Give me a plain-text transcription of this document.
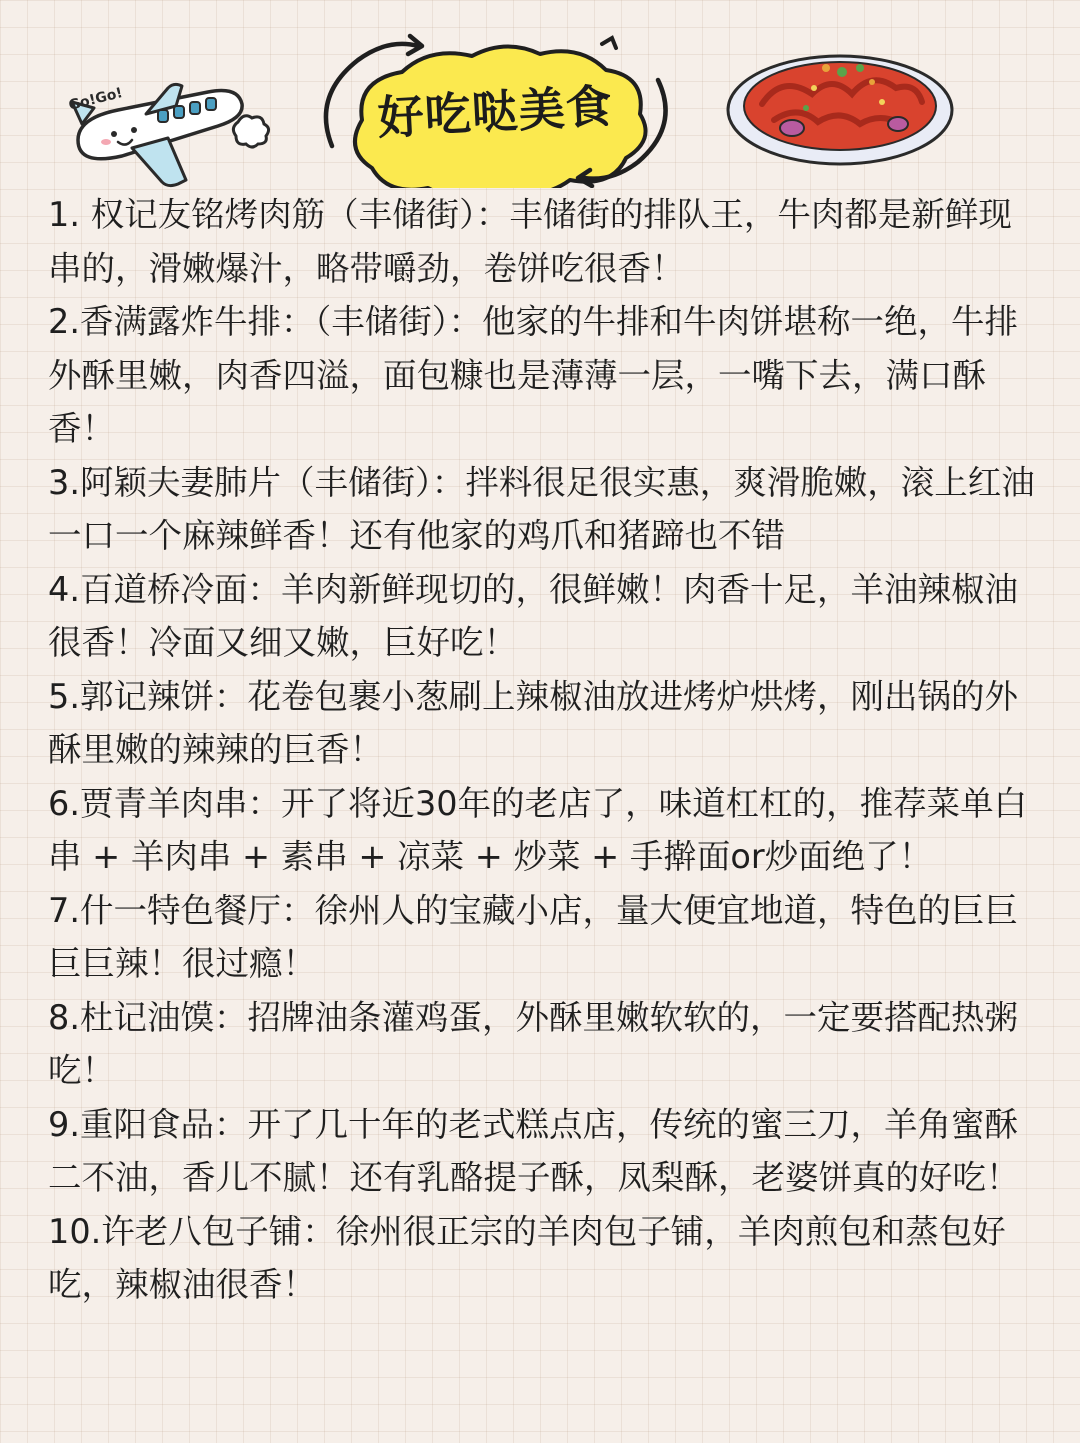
Go!Go!	好吃哒美食

1. 权记友铭烤肉筋（丰储街）：丰储街的排队王，牛肉都是新鲜现串的，滑嫩爆汁，略带嚼劲，卷饼吃很香！

2.香满露炸牛排：（丰储街）：他家的牛排和牛肉饼堪称一绝，牛排外酥里嫩，肉香四溢，面包糠也是薄薄一层，一嘴下去，满口酥香！

3.阿颖夫妻肺片（丰储街）：拌料很足很实惠，爽滑脆嫩，滚上红油一口一个麻辣鲜香！还有他家的鸡爪和猪蹄也不错

4.百道桥冷面：羊肉新鲜现切的，很鲜嫩！肉香十足，羊油辣椒油很香！冷面又细又嫩，巨好吃！

5.郭记辣饼：花卷包裹小葱刷上辣椒油放进烤炉烘烤，刚出锅的外酥里嫩的辣辣的巨香！

6.贾青羊肉串：开了将近30年的老店了，味道杠杠的，推荐菜单白串 + 羊肉串 + 素串 + 凉菜 + 炒菜 + 手擀面or炒面绝了！

7.什一特色餐厅：徐州人的宝藏小店，量大便宜地道，特色的巨巨巨巨辣！很过瘾！

8.杜记油馍：招牌油条灌鸡蛋，外酥里嫩软软的，一定要搭配热粥吃！

9.重阳食品：开了几十年的老式糕点店，传统的蜜三刀，羊角蜜酥二不油，香儿不腻！还有乳酪提子酥，凤梨酥，老婆饼真的好吃！

10.许老八包子铺：徐州很正宗的羊肉包子铺，羊肉煎包和蒸包好吃，辣椒油很香！
